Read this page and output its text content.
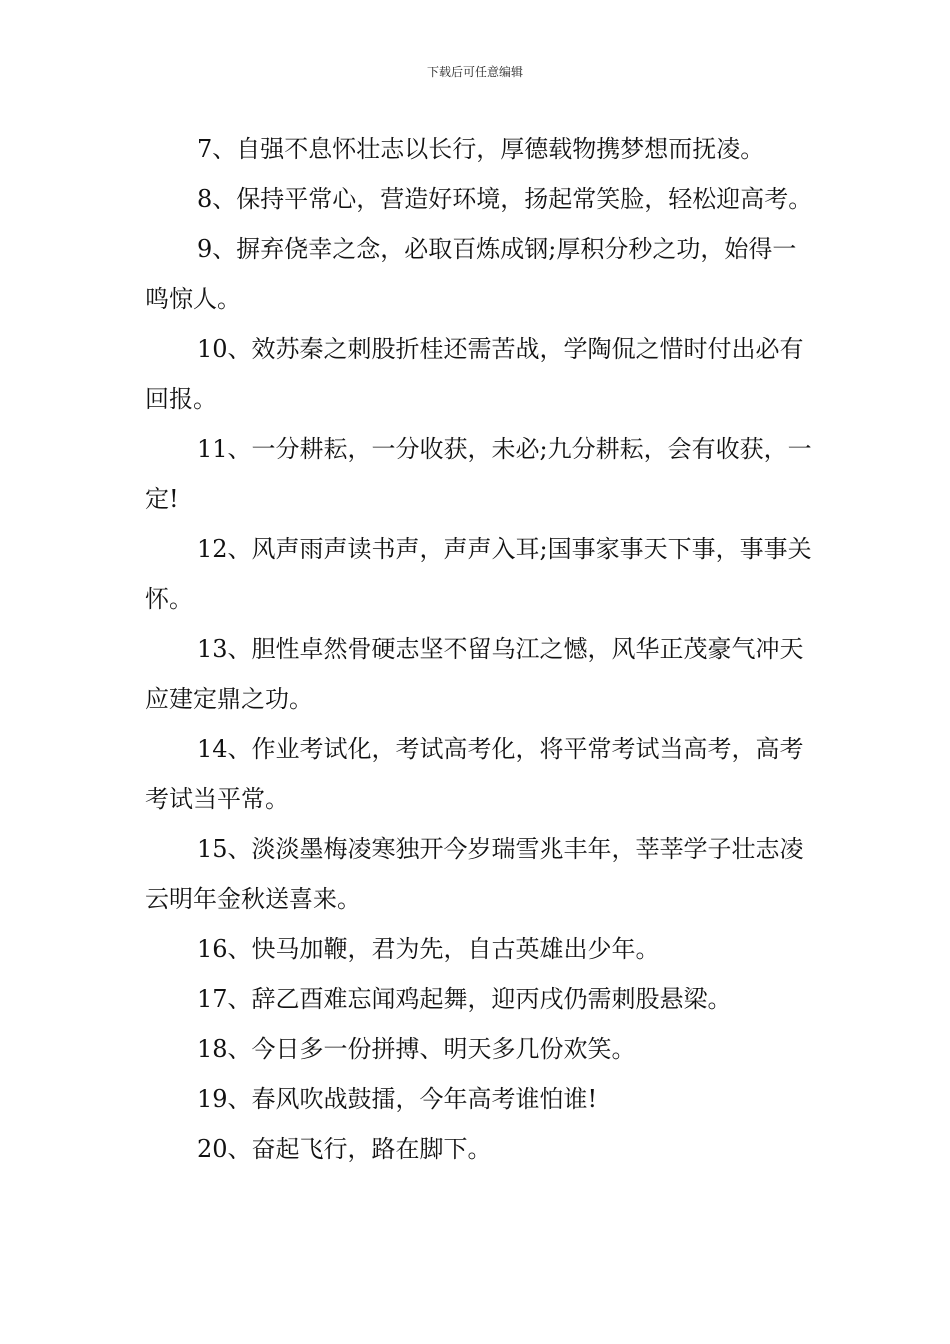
下载后可任意编辑

7、自强不息怀壮志以长行，厚德载物携梦想而抚凌。

8、保持平常心，营造好环境，扬起常笑脸，轻松迎高考。

9、摒弃侥幸之念，必取百炼成钢;厚积分秒之功，始得一鸣惊人。

10、效苏秦之刺股折桂还需苦战，学陶侃之惜时付出必有回报。

11、一分耕耘，一分收获，未必;九分耕耘，会有收获，一定!

12、风声雨声读书声，声声入耳;国事家事天下事，事事关怀。

13、胆性卓然骨硬志坚不留乌江之憾，风华正茂豪气冲天应建定鼎之功。

14、作业考试化，考试高考化，将平常考试当高考，高考考试当平常。

15、淡淡墨梅凌寒独开今岁瑞雪兆丰年，莘莘学子壮志凌云明年金秋送喜来。

16、快马加鞭，君为先，自古英雄出少年。

17、辞乙酉难忘闻鸡起舞，迎丙戌仍需刺股悬梁。

18、今日多一份拼搏、明天多几份欢笑。

19、春风吹战鼓擂，今年高考谁怕谁!

20、奋起飞行，路在脚下。
